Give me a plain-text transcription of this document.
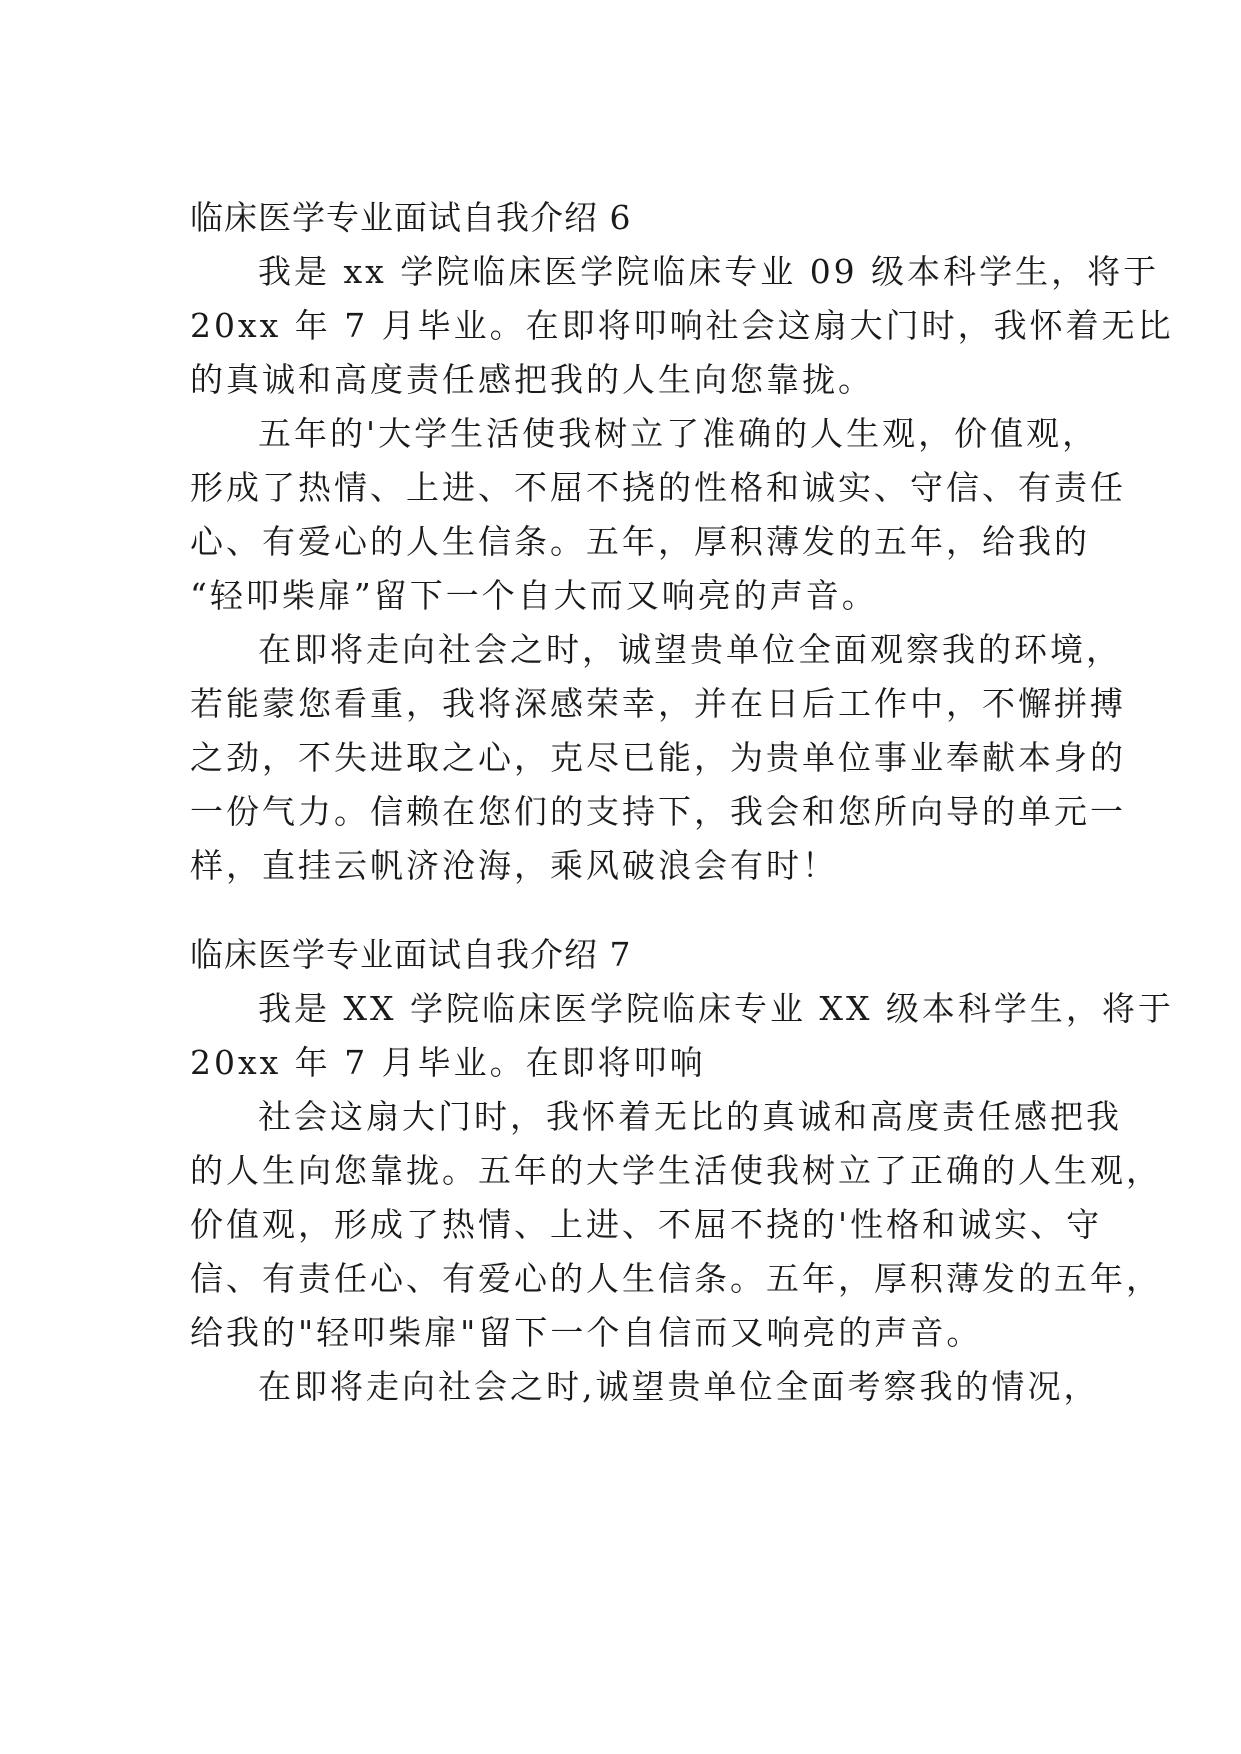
临床医学专业面试自我介绍 6
我是 xx 学院临床医学院临床专业 09 级本科学生，将于
20xx 年 7 月毕业。在即将叩响社会这扇大门时，我怀着无比
的真诚和高度责任感把我的人生向您靠拢。
五年的'大学生活使我树立了准确的人生观，价值观，
形成了热情、上进、不屈不挠的性格和诚实、守信、有责任
心、有爱心的人生信条。五年，厚积薄发的五年，给我的
“轻叩柴扉”留下一个自大而又响亮的声音。
在即将走向社会之时，诚望贵单位全面观察我的环境，
若能蒙您看重，我将深感荣幸，并在日后工作中，不懈拼搏
之劲，不失进取之心，克尽已能，为贵单位事业奉献本身的
一份气力。信赖在您们的支持下，我会和您所向导的单元一
样，直挂云帆济沧海，乘风破浪会有时！
临床医学专业面试自我介绍 7
我是 XX 学院临床医学院临床专业 XX 级本科学生，将于
20xx 年 7 月毕业。在即将叩响
社会这扇大门时，我怀着无比的真诚和高度责任感把我
的人生向您靠拢。五年的大学生活使我树立了正确的人生观，
价值观，形成了热情、上进、不屈不挠的'性格和诚实、守
信、有责任心、有爱心的人生信条。五年，厚积薄发的五年，
给我的"轻叩柴扉"留下一个自信而又响亮的声音。
在即将走向社会之时,诚望贵单位全面考察我的情况，
